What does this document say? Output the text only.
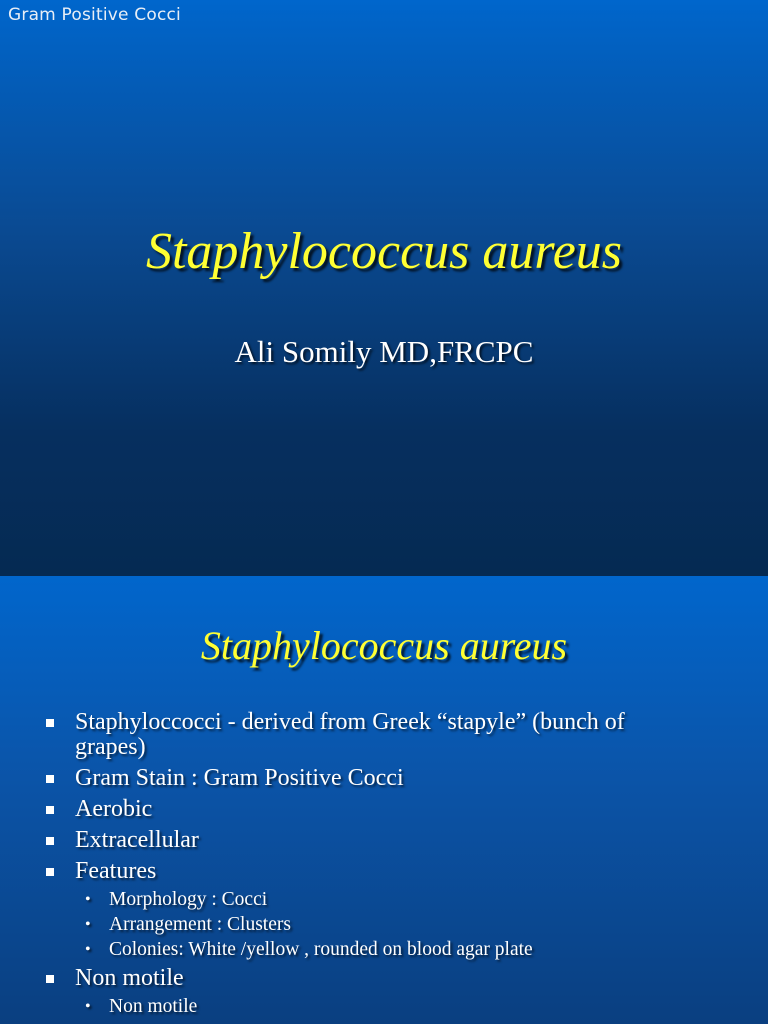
Gram Positive Cocci
Staphylococcus aureus
Ali Somily MD,FRCPC
Staphylococcus aureus
Staphyloccocci - derived from Greek “stapyle” (bunch of grapes)
Gram Stain : Gram Positive Cocci
Aerobic
Extracellular
Features
• Morphology : Cocci
• Arrangement : Clusters
• Colonies: White /yellow , rounded on blood agar plate
Non motile
• Non motile
